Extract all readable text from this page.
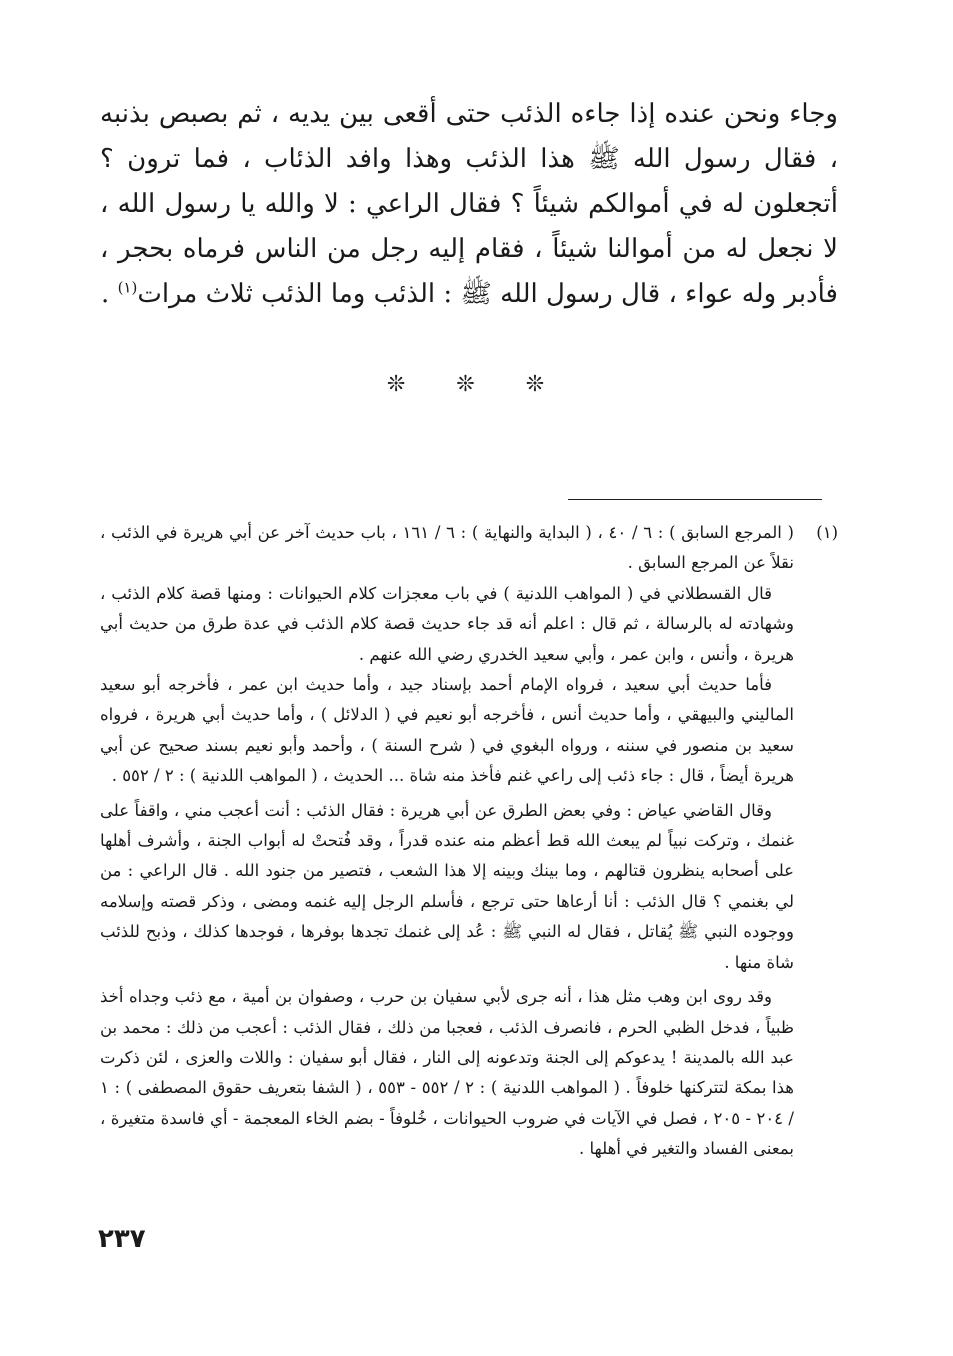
وجاء ونحن عنده إذا جاءه الذئب حتى أقعى بين يديه ، ثم بصبص بذنبه ، فقال رسول الله ﷺ هذا الذئب وهذا وافد الذئاب ، فما ترون ؟ أتجعلون له في أموالكم شيئاً ؟ فقال الراعي : لا والله يا رسول الله ، لا نجعل له من أموالنا شيئاً ، فقام إليه رجل من الناس فرماه بحجر ، فأدبر وله عواء ، قال رسول الله ﷺ : الذئب وما الذئب ثلاث مرات$^{(١)}$ .

❊ ❊ ❊
(١)

( المرجع السابق ) : ٦ / ٤٠ ، ( البداية والنهاية ) : ٦ / ١٦١ ، باب حديث آخر عن أبي هريرة في الذئب ، نقلاً عن المرجع السابق .

قال القسطلاني في ( المواهب اللدنية ) في باب معجزات كلام الحيوانات : ومنها قصة كلام الذئب ، وشهادته له بالرسالة ، ثم قال : اعلم أنه قد جاء حديث قصة كلام الذئب في عدة طرق من حديث أبي هريرة ، وأنس ، وابن عمر ، وأبي سعيد الخدري رضي الله عنهم .

فأما حديث أبي سعيد ، فرواه الإمام أحمد بإسناد جيد ، وأما حديث ابن عمر ، فأخرجه أبو سعيد الماليني والبيهقي ، وأما حديث أنس ، فأخرجه أبو نعيم في ( الدلائل ) ، وأما حديث أبي هريرة ، فرواه سعيد بن منصور في سننه ، ورواه البغوي في ( شرح السنة ) ، وأحمد وأبو نعيم بسند صحيح عن أبي هريرة أيضاً ، قال : جاء ذئب إلى راعي غنم فأخذ منه شاة ... الحديث ، ( المواهب اللدنية ) : ٢ / ٥٥٢ .

وقال القاضي عياض : وفي بعض الطرق عن أبي هريرة : فقال الذئب : أنت أعجب مني ، واقفاً على غنمك ، وتركت نبياً لم يبعث الله قط أعظم منه عنده قدراً ، وقد فُتحتْ له أبواب الجنة ، وأشرف أهلها على أصحابه ينظرون قتالهم ، وما بينك وبينه إلا هذا الشعب ، فتصير من جنود الله . قال الراعي : من لي بغنمي ؟ قال الذئب : أنا أرعاها حتى ترجع ، فأسلم الرجل إليه غنمه ومضى ، وذكر قصته وإسلامه ووجوده النبي ﷺ يُقاتل ، فقال له النبي ﷺ : عُد إلى غنمك تجدها بوفرها ، فوجدها كذلك ، وذبح للذئب شاة منها .

وقد روى ابن وهب مثل هذا ، أنه جرى لأبي سفيان بن حرب ، وصفوان بن أمية ، مع ذئب وجداه أخذ ظبياً ، فدخل الظبي الحرم ، فانصرف الذئب ، فعجبا من ذلك ، فقال الذئب : أعجب من ذلك : محمد بن عبد الله بالمدينة ! يدعوكم إلى الجنة وتدعونه إلى النار ، فقال أبو سفيان : واللات والعزى ، لئن ذكرت هذا بمكة لتتركنها خلوفاً . ( المواهب اللدنية ) : ٢ / ٥٥٢ - ٥٥٣ ، ( الشفا بتعريف حقوق المصطفى ) : ١ / ٢٠٤ - ٢٠٥ ، فصل في الآيات في ضروب الحيوانات ، خُلوفاً - بضم الخاء المعجمة - أي فاسدة متغيرة ، بمعنى الفساد والتغير في أهلها .

٢٣٧
